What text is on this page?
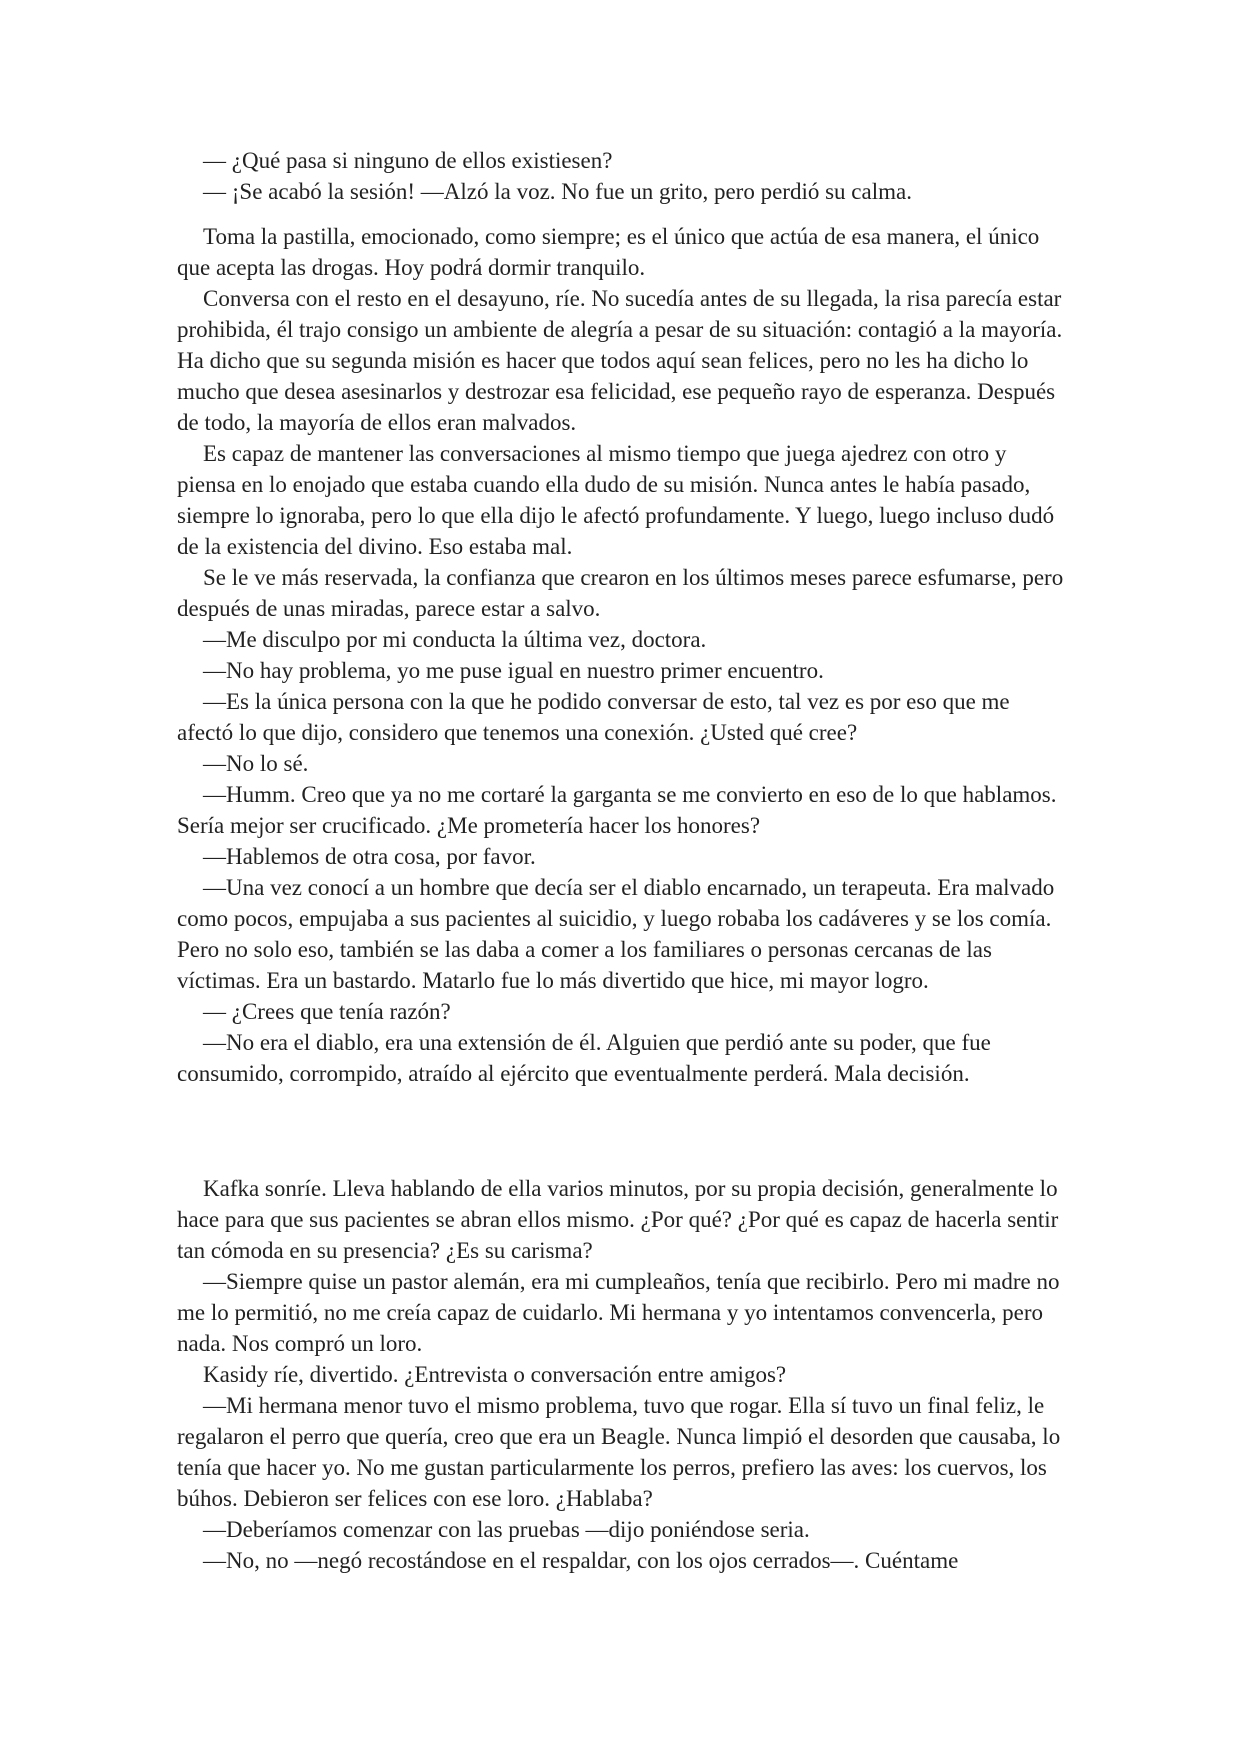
— ¿Qué pasa si ninguno de ellos existiesen?

— ¡Se acabó la sesión! —Alzó la voz. No fue un grito, pero perdió su calma.

Toma la pastilla, emocionado, como siempre; es el único que actúa de esa manera, el único que acepta las drogas. Hoy podrá dormir tranquilo.

Conversa con el resto en el desayuno, ríe. No sucedía antes de su llegada, la risa parecía estar prohibida, él trajo consigo un ambiente de alegría a pesar de su situación: contagió a la mayoría. Ha dicho que su segunda misión es hacer que todos aquí sean felices, pero no les ha dicho lo mucho que desea asesinarlos y destrozar esa felicidad, ese pequeño rayo de esperanza. Después de todo, la mayoría de ellos eran malvados.

Es capaz de mantener las conversaciones al mismo tiempo que juega ajedrez con otro y piensa en lo enojado que estaba cuando ella dudo de su misión. Nunca antes le había pasado, siempre lo ignoraba, pero lo que ella dijo le afectó profundamente. Y luego, luego incluso dudó de la existencia del divino. Eso estaba mal.

Se le ve más reservada, la confianza que crearon en los últimos meses parece esfumarse, pero después de unas miradas, parece estar a salvo.

—Me disculpo por mi conducta la última vez, doctora.

—No hay problema, yo me puse igual en nuestro primer encuentro.

—Es la única persona con la que he podido conversar de esto, tal vez es por eso que me afectó lo que dijo, considero que tenemos una conexión. ¿Usted qué cree?

—No lo sé.

—Humm. Creo que ya no me cortaré la garganta se me convierto en eso de lo que hablamos. Sería mejor ser crucificado. ¿Me prometería hacer los honores?

—Hablemos de otra cosa, por favor.

—Una vez conocí a un hombre que decía ser el diablo encarnado, un terapeuta. Era malvado como pocos, empujaba a sus pacientes al suicidio, y luego robaba los cadáveres y se los comía. Pero no solo eso, también se las daba a comer a los familiares o personas cercanas de las víctimas. Era un bastardo. Matarlo fue lo más divertido que hice, mi mayor logro.

— ¿Crees que tenía razón?

—No era el diablo, era una extensión de él. Alguien que perdió ante su poder, que fue consumido, corrompido, atraído al ejército que eventualmente perderá. Mala decisión.

Kafka sonríe. Lleva hablando de ella varios minutos, por su propia decisión, generalmente lo hace para que sus pacientes se abran ellos mismo. ¿Por qué? ¿Por qué es capaz de hacerla sentir tan cómoda en su presencia? ¿Es su carisma?

—Siempre quise un pastor alemán, era mi cumpleaños, tenía que recibirlo. Pero mi madre no me lo permitió, no me creía capaz de cuidarlo. Mi hermana y yo intentamos convencerla, pero nada. Nos compró un loro.

Kasidy ríe, divertido. ¿Entrevista o conversación entre amigos?

—Mi hermana menor tuvo el mismo problema, tuvo que rogar. Ella sí tuvo un final feliz, le regalaron el perro que quería, creo que era un Beagle. Nunca limpió el desorden que causaba, lo tenía que hacer yo. No me gustan particularmente los perros, prefiero las aves: los cuervos, los búhos. Debieron ser felices con ese loro. ¿Hablaba?

—Deberíamos comenzar con las pruebas —dijo poniéndose seria.

—No, no —negó recostándose en el respaldar, con los ojos cerrados—. Cuéntame
